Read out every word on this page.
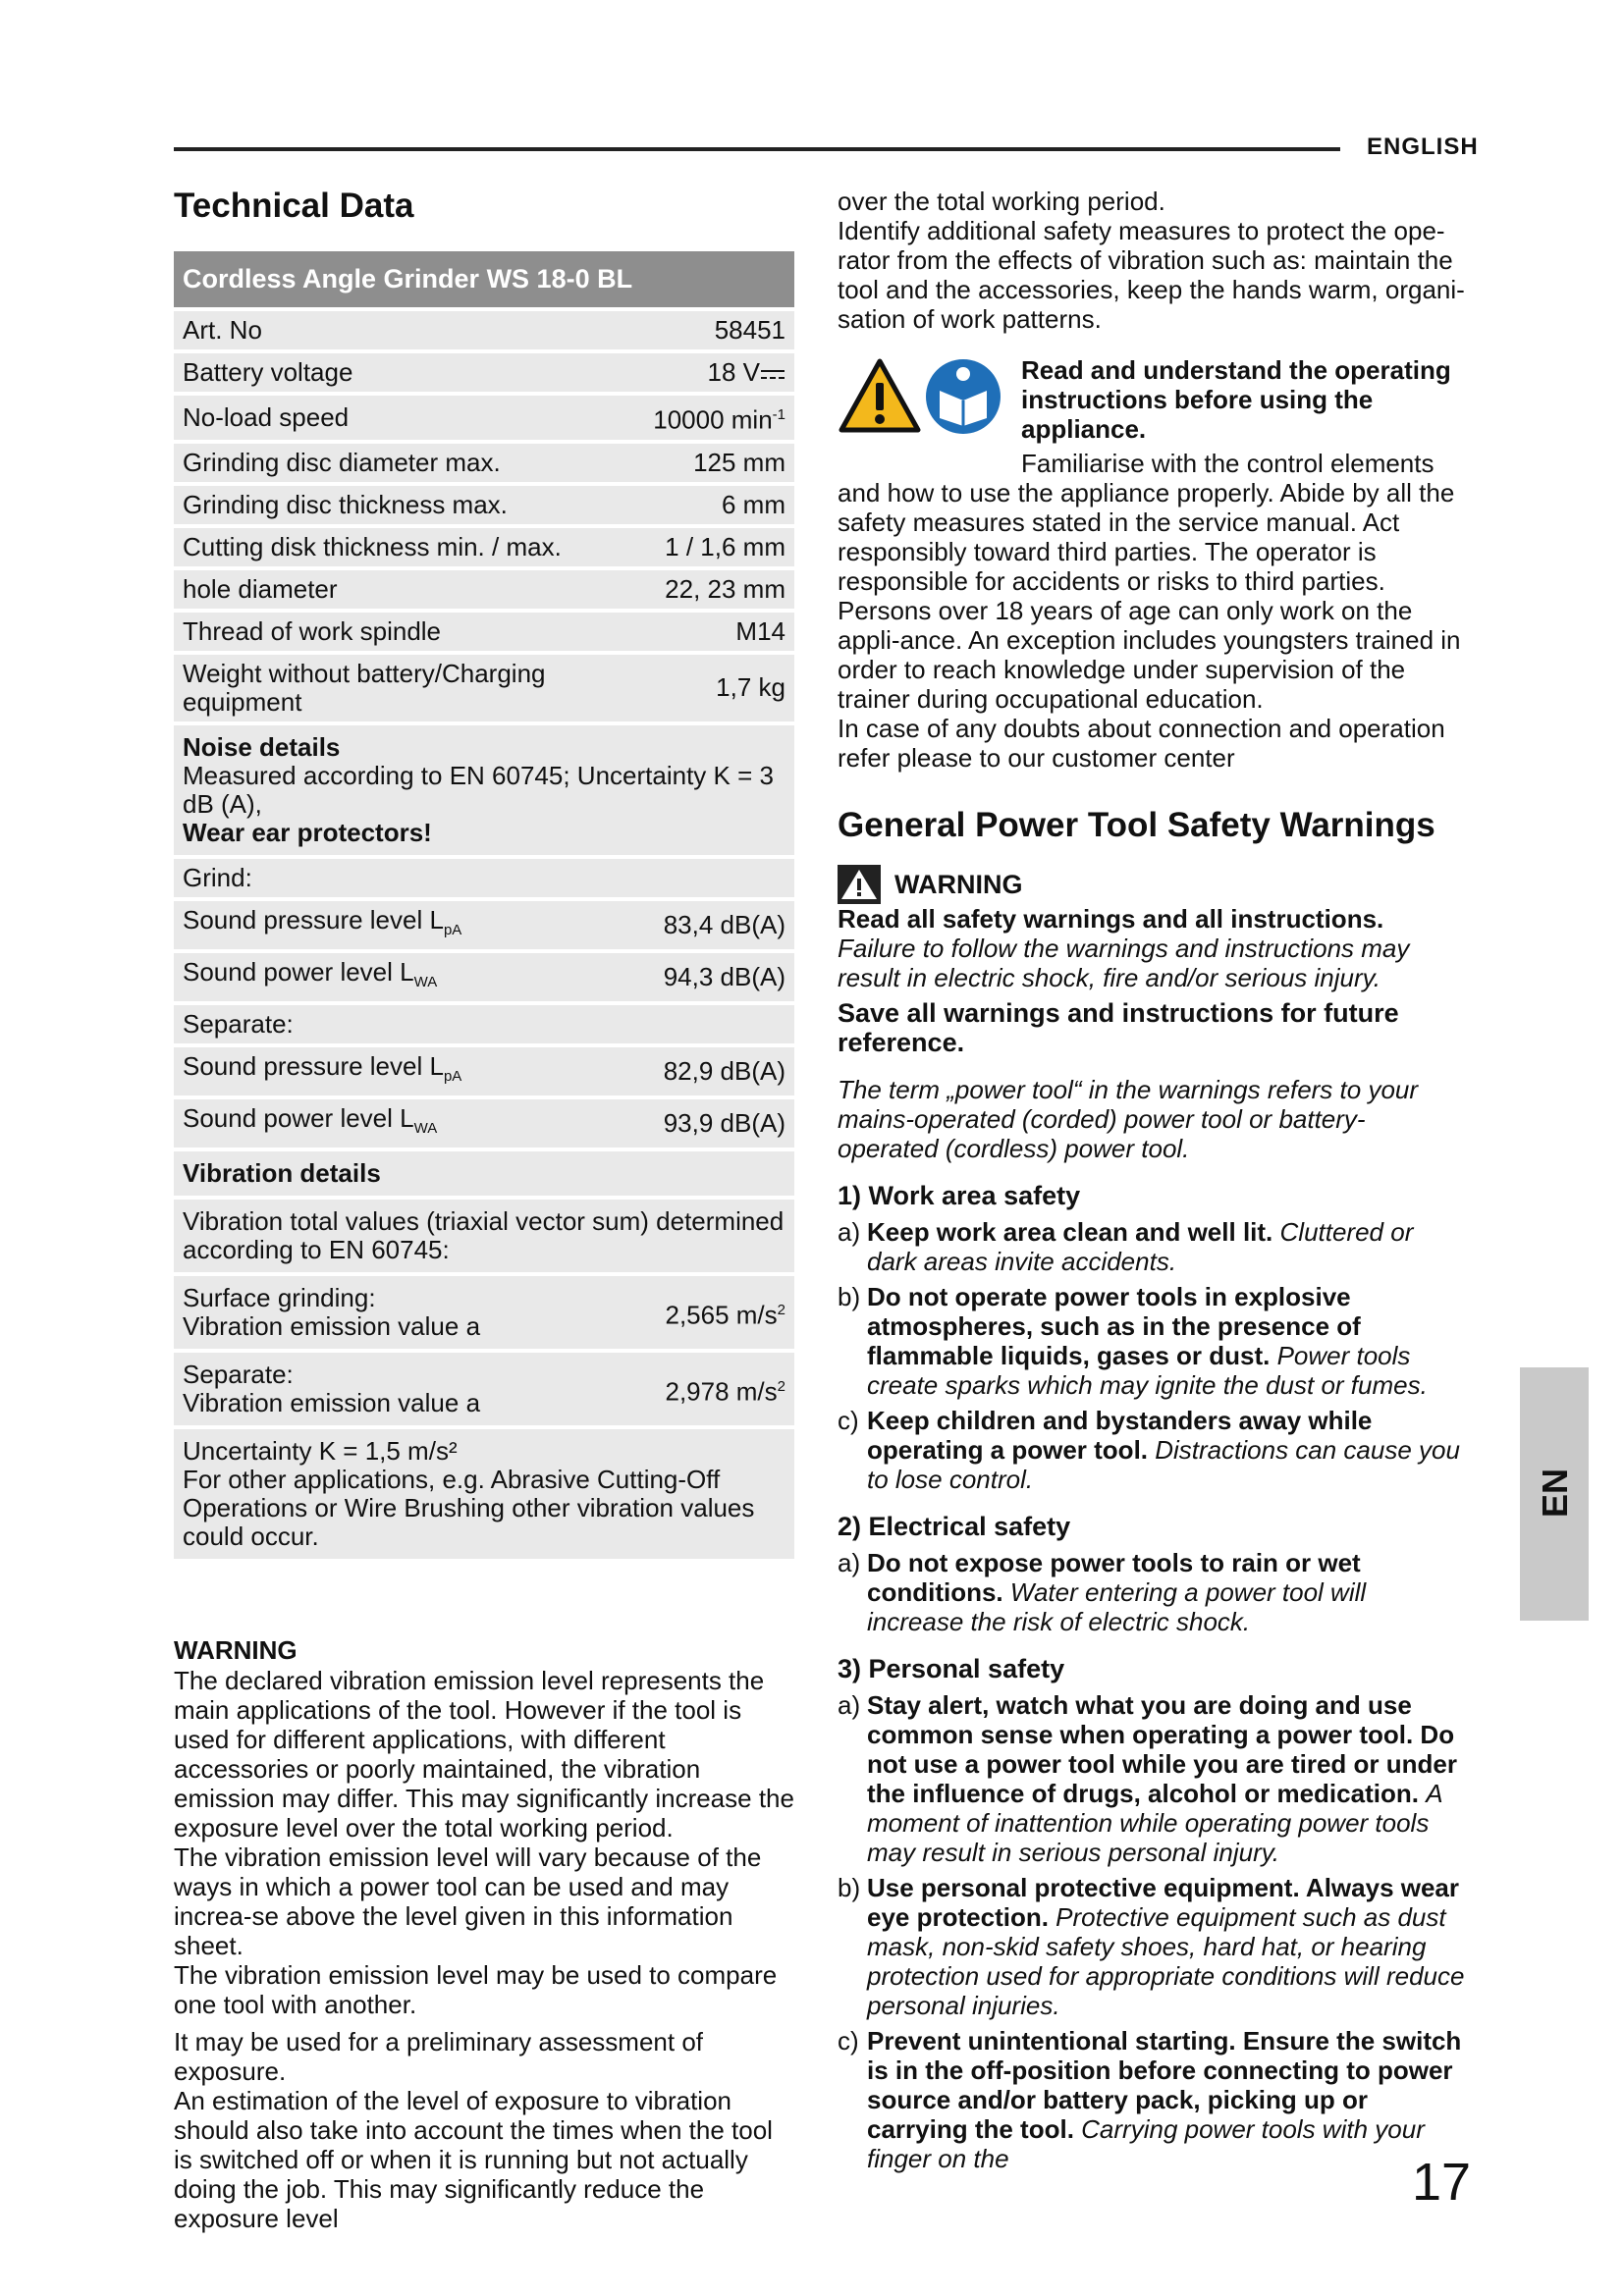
ENGLISH
Technical Data
Cordless Angle Grinder WS 18-0 BL	
Art. No	58451
Battery voltage	18 V
No-load speed	10000 $\min^{-1}$
Grinding disc diameter max.	125 mm
Grinding disc thickness max.	6 mm
Cutting disk thickness min. / max.	1 / 1,6 mm
hole diameter	22, 23 mm
Thread of work spindle	M14
Weight without battery/Charging equipment	1,7 kg

Noise details
Measured according to EN 60745; Uncertainty K = 3 dB (A),
Wear ear protectors!	

Grind:	
Sound pressure level $L_{pA}$	83,4 dB(A)
Sound power level $L_{WA}$	94,3 dB(A)
Separate:	
Sound pressure level $L_{pA}$	82,9 dB(A)
Sound power level $L_{WA}$	93,9 dB(A)
Vibration details	
Vibration total values (triaxial vector sum) determined according to EN 60745:	

Surface grinding:
Vibration emission value a	2,565 $m/s^2$

Separate:
Vibration emission value a	2,978 $m/s^2$

Uncertainty K = 1,5 m/s²
For other applications, e.g. Abrasive Cutting-Off Operations or Wire Brushing other vibration values could occur.	
WARNING

The declared vibration emission level represents the main applications of the tool. However if the tool is used for different applications, with different accessories or poorly maintained, the vibration emission may differ. This may significantly increase the exposure level over the total working period.

The vibration emission level will vary because of the ways in which a power tool can be used and may increa-se above the level given in this information sheet.

The vibration emission level may be used to compare one tool with another.

It may be used for a preliminary assessment of exposure.

An estimation of the level of exposure to vibration should also take into account the times when the tool is switched off or when it is running but not actually doing the job. This may significantly reduce the exposure level

over the total working period.

Identify additional safety measures to protect the ope-rator from the effects of vibration such as: maintain the tool and the accessories, keep the hands warm, organi-sation of work patterns.

Read and understand the operating instructions before using the appliance.

Familiarise with the control elements and how to use the appliance properly. Abide by all the safety measures stated in the service manual. Act responsibly toward third parties. The operator is responsible for accidents or risks to third parties.

Persons over 18 years of age can only work on the appli-ance. An exception includes youngsters trained in order to reach knowledge under supervision of the trainer during occupational education.

In case of any doubts about connection and operation refer please to our customer center

General Power Tool Safety Warnings
WARNING

Read all safety warnings and all instructions. Failure to follow the warnings and instructions may result in electric shock, fire and/or serious injury.

Save all warnings and instructions for future reference.

The term „power tool“ in the warnings refers to your mains-operated (corded) power tool or battery-operated (cordless) power tool.

1) Work area safety
a) Keep work area clean and well lit. Cluttered or dark areas invite accidents.
b) Do not operate power tools in explosive atmospheres, such as in the presence of flammable liquids, gases or dust. Power tools create sparks which may ignite the dust or fumes.
c) Keep children and bystanders away while operating a power tool. Distractions can cause you to lose control.
2) Electrical safety
a) Do not expose power tools to rain or wet conditions. Water entering a power tool will increase the risk of electric shock.
3) Personal safety
a) Stay alert, watch what you are doing and use common sense when operating a power tool. Do not use a power tool while you are tired or under the influence of drugs, alcohol or medication. A moment of inattention while operating power tools may result in serious personal injury.
b) Use personal protective equipment. Always wear eye protection. Protective equipment such as dust mask, non-skid safety shoes, hard hat, or hearing protection used for appropriate conditions will reduce personal injuries.
c) Prevent unintentional starting. Ensure the switch is in the off-position before connecting to power source and/or battery pack, picking up or carrying the tool. Carrying power tools with your finger on the
EN
17
